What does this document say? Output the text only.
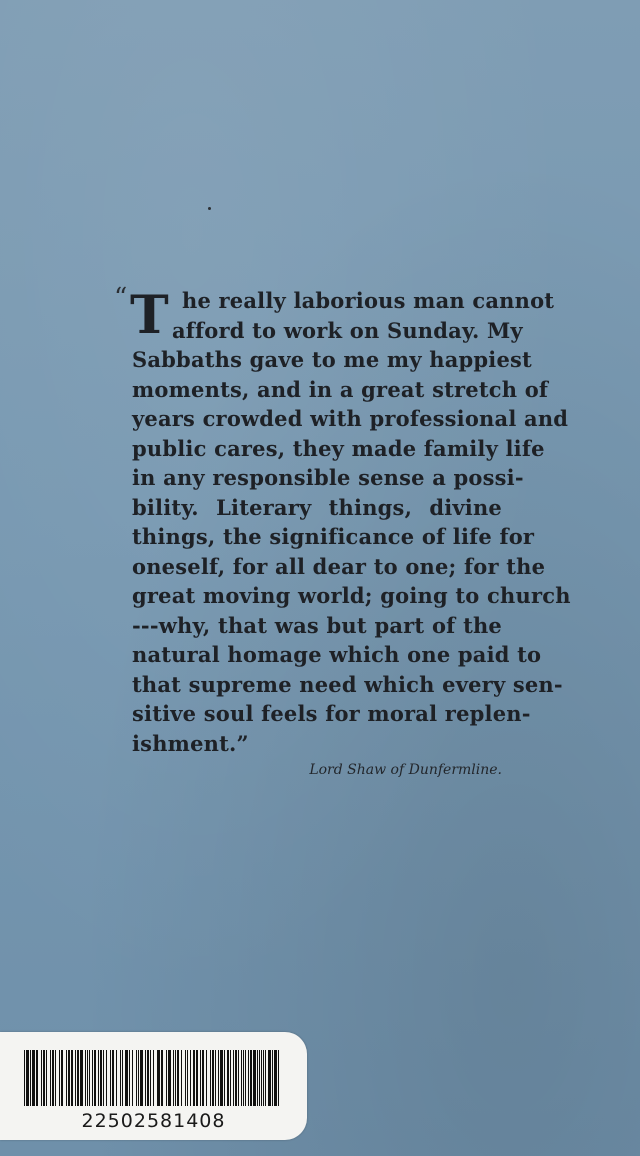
“ T he really laborious man cannot
afford to work on Sunday. My
Sabbaths gave to me my happiest
moments, and in a great stretch of
years crowded with professional and
public cares, they made family life
in any responsible sense a possi-
bility. Literary things, divine
things, the significance of life for
oneself, for all dear to one; for the
great moving world; going to church
---why, that was but part of the
natural homage which one paid to
that supreme need which every sen-
sitive soul feels for moral replen-
ishment.”
Lord Shaw of Dunfermline.
22502581408
